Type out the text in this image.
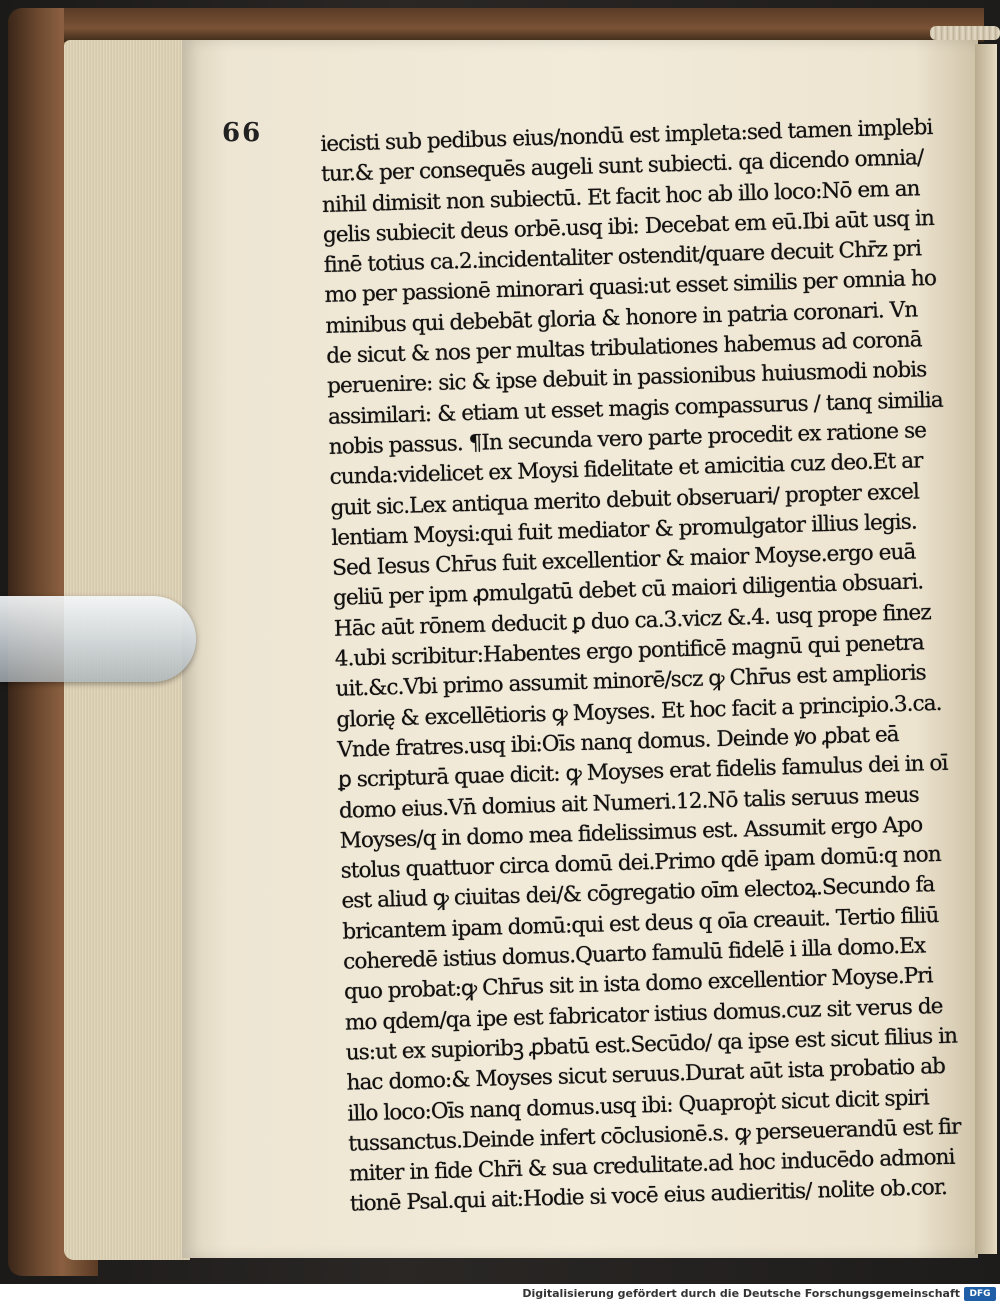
66	iecisti sub pedibus eius/nondū est impleta:sed tamen implebi
tur.& per consequēs augeli sunt subiecti. qa dicendo omnia/
nihil dimisit non subiectū. Et facit hoc ab illo loco:Nō em an
gelis subiecit deus orbē.usq ibi: Decebat em eū.Ibi aūt usq in
finē totius ca.2.incidentaliter ostendit/quare decuit Chr̄z pri
mo per passionē minorari quasi:ut esset similis per omnia ho
minibus qui debebāt gloria & honore in patria coronari. Vn
de sicut & nos per multas tribulationes habemus ad coronā
peruenire: sic & ipse debuit in passionibus huiusmodi nobis
assimilari: & etiam ut esset magis compassurus / tanq similia
nobis passus. ¶In secunda vero parte procedit ex ratione se
cunda:videlicet ex Moysi fidelitate et amicitia cuz deo.Et ar
guit sic.Lex antiqua merito debuit obseruari/ propter excel
lentiam Moysi:qui fuit mediator & promulgator illius legis.
Sed Iesus Chr̄us fuit excellentior & maior Moyse.ergo euā
geliū per ipm ꝓmulgatū debet cū maiori diligentia obsuari.
Hāc aūt rōnem deducit ꝑ duo ca.3.vicz &.4. usq prope finez
4.ubi scribitur:Habentes ergo pontificē magnū qui penetra
uit.&c.Vbi primo assumit minorē/scz ꝙ Chr̄us est amplioris
glorię & excellētioris ꝙ Moyses. Et hoc facit a principio.3.ca.
Vnde fratres.usq ibi:Oīs nanq domus. Deinde ꝟo ꝓbat eā
ꝑ scripturā quae dicit: ꝙ Moyses erat fidelis famulus dei in oī
domo eius.Vn̄ domius ait Numeri.12.Nō talis seruus meus
Moyses/q in domo mea fidelissimus est. Assumit ergo Apo
stolus quattuor circa domū dei.Primo qdē ipam domū:q non
est aliud ꝙ ciuitas dei/& cōgregatio oīm electoꝝ.Secundo fa
bricantem ipam domū:qui est deus q oīa creauit. Tertio filiū
coheredē istius domus.Quarto famulū fidelē i illa domo.Ex
quo probat:ꝙ Chr̄us sit in ista domo excellentior Moyse.Pri
mo qdem/qa ipe est fabricator istius domus.cuz sit verus de
us:ut ex supioribꝫ ꝓbatū est.Secūdo/ qa ipse est sicut filius in
hac domo:& Moyses sicut seruus.Durat aūt ista probatio ab
illo loco:Oīs nanq domus.usq ibi: Quaproṗt sicut dicit spiri
tussanctus.Deinde infert cōclusionē.s. ꝙ perseuerandū est fir
miter in fide Chr̄i & sua credulitate.ad hoc inducēdo admoni
tionē Psal.qui ait:Hodie si vocē eius audieritis/ nolite ob.cor.
Digitalisierung gefördert durch die Deutsche Forschungsgemeinschaft	DFG
